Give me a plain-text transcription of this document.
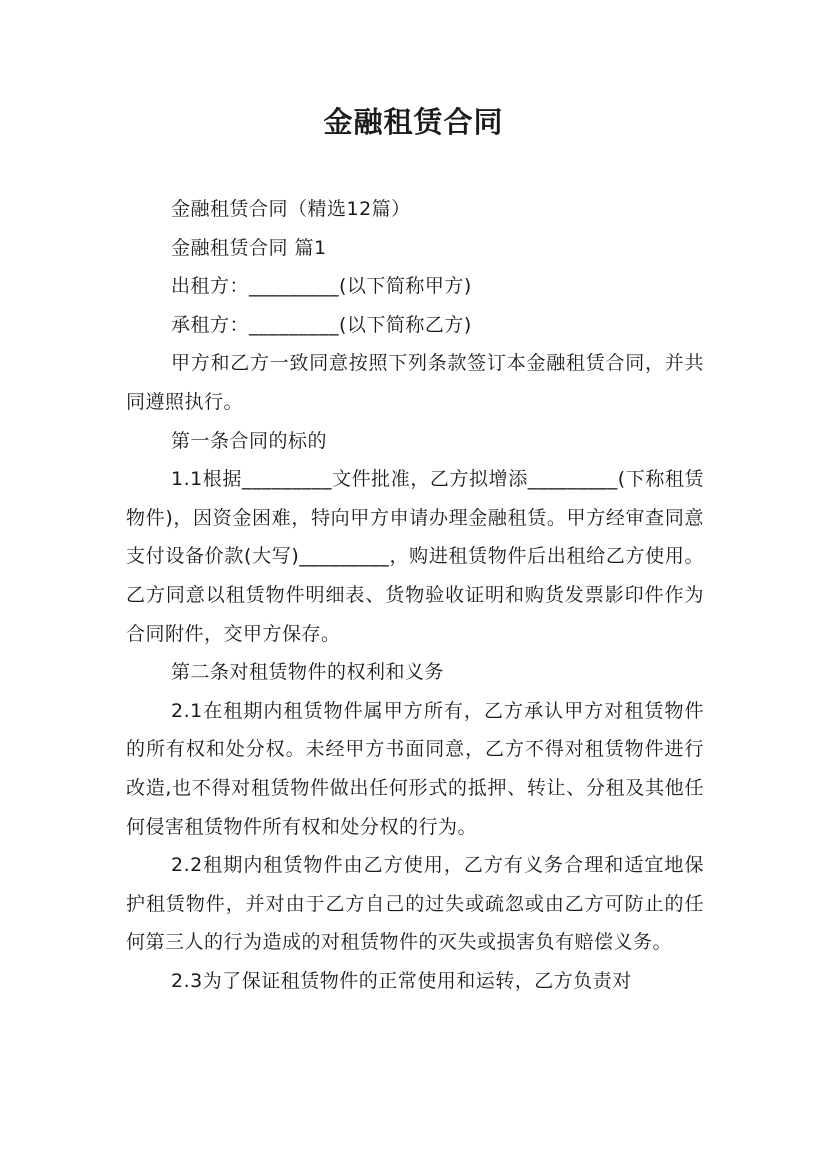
金融租赁合同

金融租赁合同（精选12篇）

金融租赁合同 篇1

出租方：_________(以下简称甲方)

承租方：_________(以下简称乙方)

甲方和乙方一致同意按照下列条款签订本金融租赁合同，并共同遵照执行。

第一条合同的标的

1.1根据_________文件批准，乙方拟增添_________(下称租赁物件)，因资金困难，特向甲方申请办理金融租赁。甲方经审查同意支付设备价款(大写)_________，购进租赁物件后出租给乙方使用。乙方同意以租赁物件明细表、货物验收证明和购货发票影印件作为合同附件，交甲方保存。

第二条对租赁物件的权利和义务

2.1在租期内租赁物件属甲方所有，乙方承认甲方对租赁物件的所有权和处分权。未经甲方书面同意，乙方不得对租赁物件进行改造,也不得对租赁物件做出任何形式的抵押、转让、分租及其他任何侵害租赁物件所有权和处分权的行为。

2.2租期内租赁物件由乙方使用，乙方有义务合理和适宜地保护租赁物件，并对由于乙方自己的过失或疏忽或由乙方可防止的任何第三人的行为造成的对租赁物件的灭失或损害负有赔偿义务。

2.3为了保证租赁物件的正常使用和运转，乙方负责对
